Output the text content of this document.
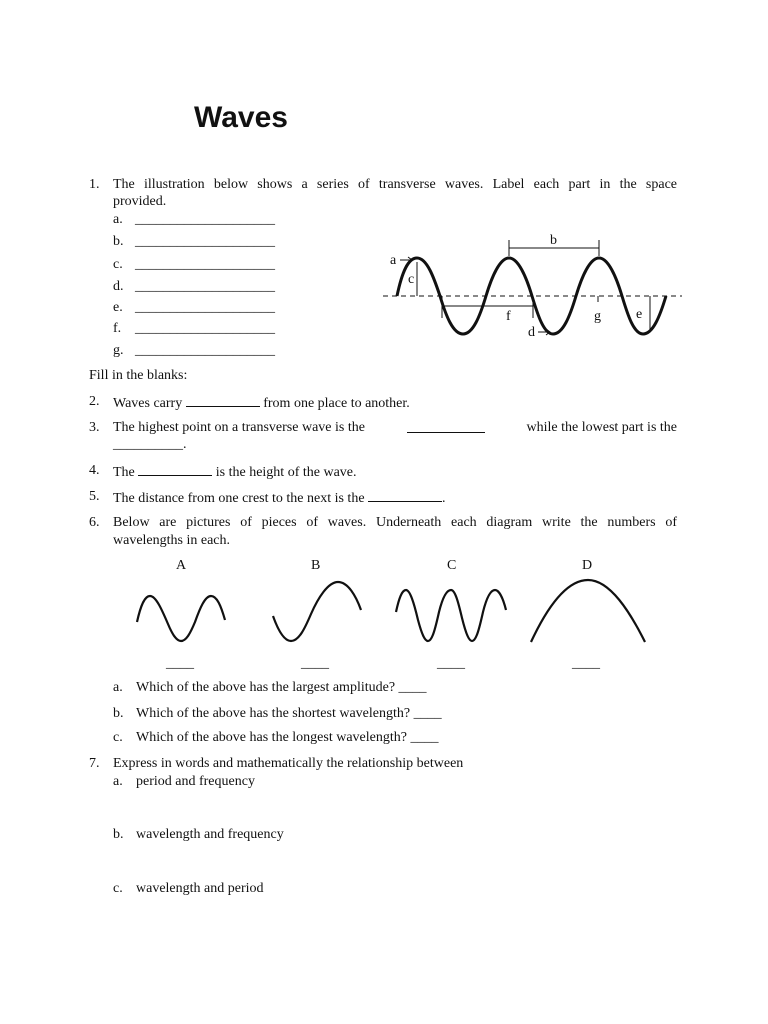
Waves
1. The illustration below shows a series of transverse waves. Label each part in the space
provided.
a. ____________________
b. ____________________
c. ____________________
d. ____________________
e. ____________________
f. ____________________
g. ____________________
b
a
c
f
d
g	e
Fill in the blanks:
2. Waves carry	from one place to another.
3. The highest point on a transverse wave is the	while the lowest part is the
__________.
4. The	is the height of the wave.
5. The distance from one crest to the next is the	.
6. Below are pictures of pieces of waves. Underneath each diagram write the numbers of
wavelengths in each.
A	B	C	D
____	____	____	____
a. Which of the above has the largest amplitude? ____
b. Which of the above has the shortest wavelength? ____
c. Which of the above has the longest wavelength? ____
7. Express in words and mathematically the relationship between
a. period and frequency
b. wavelength and frequency
c. wavelength and period
